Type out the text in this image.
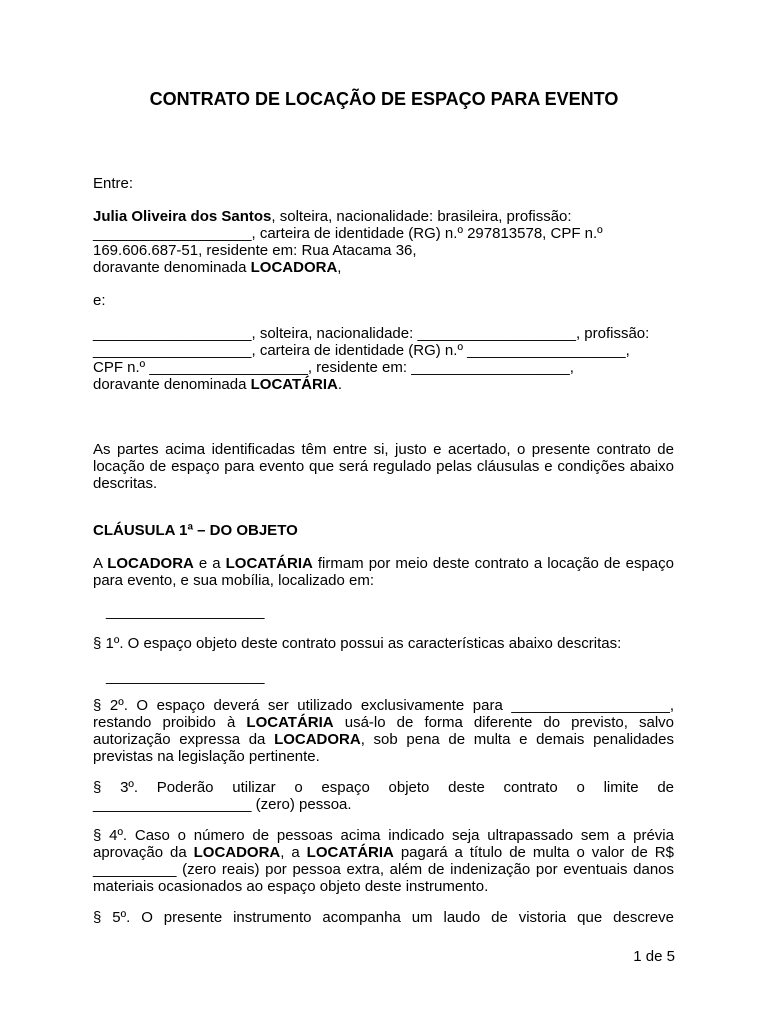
CONTRATO DE LOCAÇÃO DE ESPAÇO PARA EVENTO

Entre:

Julia Oliveira dos Santos, solteira, nacionalidade: brasileira, profissão:
___________________, carteira de identidade (RG) n.º 297813578, CPF n.º
169.606.687-51, residente em: Rua Atacama 36,
doravante denominada LOCADORA,

e:

___________________, solteira, nacionalidade: ___________________, profissão:
___________________, carteira de identidade (RG) n.º ___________________,
CPF n.º ___________________, residente em: ___________________,
doravante denominada LOCATÁRIA.

As partes acima identificadas têm entre si, justo e acertado, o presente contrato de locação de espaço para evento que será regulado pelas cláusulas e condições abaixo descritas.

CLÁUSULA 1ª – DO OBJETO

A LOCADORA e a LOCATÁRIA firmam por meio deste contrato a locação de espaço para evento, e sua mobília, localizado em:

___________________

§ 1º. O espaço objeto deste contrato possui as características abaixo descritas:

___________________

§ 2º. O espaço deverá ser utilizado exclusivamente para ___________________, restando proibido à LOCATÁRIA usá-lo de forma diferente do previsto, salvo autorização expressa da LOCADORA, sob pena de multa e demais penalidades previstas na legislação pertinente.

§ 3º. Poderão utilizar o espaço objeto deste contrato o limite de ___________________ (zero) pessoa.

§ 4º. Caso o número de pessoas acima indicado seja ultrapassado sem a prévia aprovação da LOCADORA, a LOCATÁRIA pagará a título de multa o valor de R$ __________ (zero reais) por pessoa extra, além de indenização por eventuais danos materiais ocasionados ao espaço objeto deste instrumento.

§ 5º. O presente instrumento acompanha um laudo de vistoria que descreve

1 de 5
